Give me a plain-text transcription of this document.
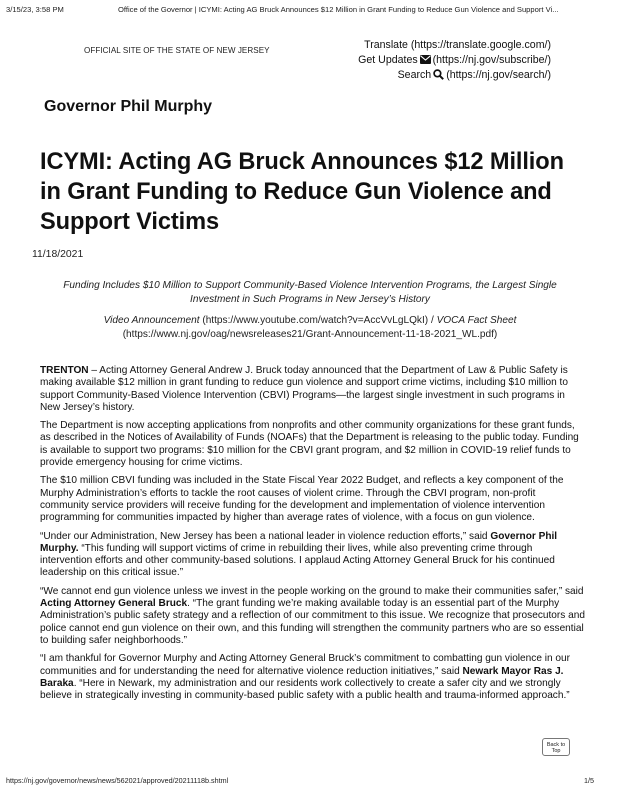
3/15/23, 3:58 PM	Office of the Governor | ICYMI: Acting AG Bruck Announces $12 Million in Grant Funding to Reduce Gun Violence and Support Vi...
OFFICIAL SITE OF THE STATE OF NEW JERSEY	Translate (https://translate.google.com/)
Get Updates (https://nj.gov/subscribe/)
Search (https://nj.gov/search/)
Governor Phil Murphy
ICYMI: Acting AG Bruck Announces $12 Million in Grant Funding to Reduce Gun Violence and Support Victims
11/18/2021
Funding Includes $10 Million to Support Community-Based Violence Intervention Programs, the Largest Single Investment in Such Programs in New Jersey’s History
Video Announcement (https://www.youtube.com/watch?v=AccVvLgLQkI) / VOCA Fact Sheet
(https://www.nj.gov/oag/newsreleases21/Grant-Announcement-11-18-2021_WL.pdf)

TRENTON – Acting Attorney General Andrew J. Bruck today announced that the Department of Law & Public Safety is making available $12 million in grant funding to reduce gun violence and support crime victims, including $10 million to support Community-Based Violence Intervention (CBVI) Programs—the largest single investment in such programs in New Jersey’s history.

The Department is now accepting applications from nonprofits and other community organizations for these grant funds, as described in the Notices of Availability of Funds (NOAFs) that the Department is releasing to the public today. Funding is available to support two programs: $10 million for the CBVI grant program, and $2 million in COVID-19 relief funds to provide emergency housing for crime victims.

The $10 million CBVI funding was included in the State Fiscal Year 2022 Budget, and reflects a key component of the Murphy Administration’s efforts to tackle the root causes of violent crime. Through the CBVI program, non-profit community service providers will receive funding for the development and implementation of violence intervention programming for communities impacted by higher than average rates of violence, with a focus on gun violence.

“Under our Administration, New Jersey has been a national leader in violence reduction efforts,” said Governor Phil Murphy. “This funding will support victims of crime in rebuilding their lives, while also preventing crime through intervention efforts and other community-based solutions. I applaud Acting Attorney General Bruck for his continued leadership on this critical issue.”

“We cannot end gun violence unless we invest in the people working on the ground to make their communities safer,” said Acting Attorney General Bruck. “The grant funding we’re making available today is an essential part of the Murphy Administration’s public safety strategy and a reflection of our commitment to this issue. We recognize that prosecutors and police cannot end gun violence on their own, and this funding will strengthen the community partners who are so essential to building safer neighborhoods.”

“I am thankful for Governor Murphy and Acting Attorney General Bruck’s commitment to combatting gun violence in our communities and for understanding the need for alternative violence reduction initiatives,” said Newark Mayor Ras J. Baraka. “Here in Newark, my administration and our residents work collectively to create a safer city and we strongly believe in strategically investing in community-based public safety with a public health and trauma-informed approach.”

Back to Top
https://nj.gov/governor/news/news/562021/approved/20211118b.shtml	1/5
